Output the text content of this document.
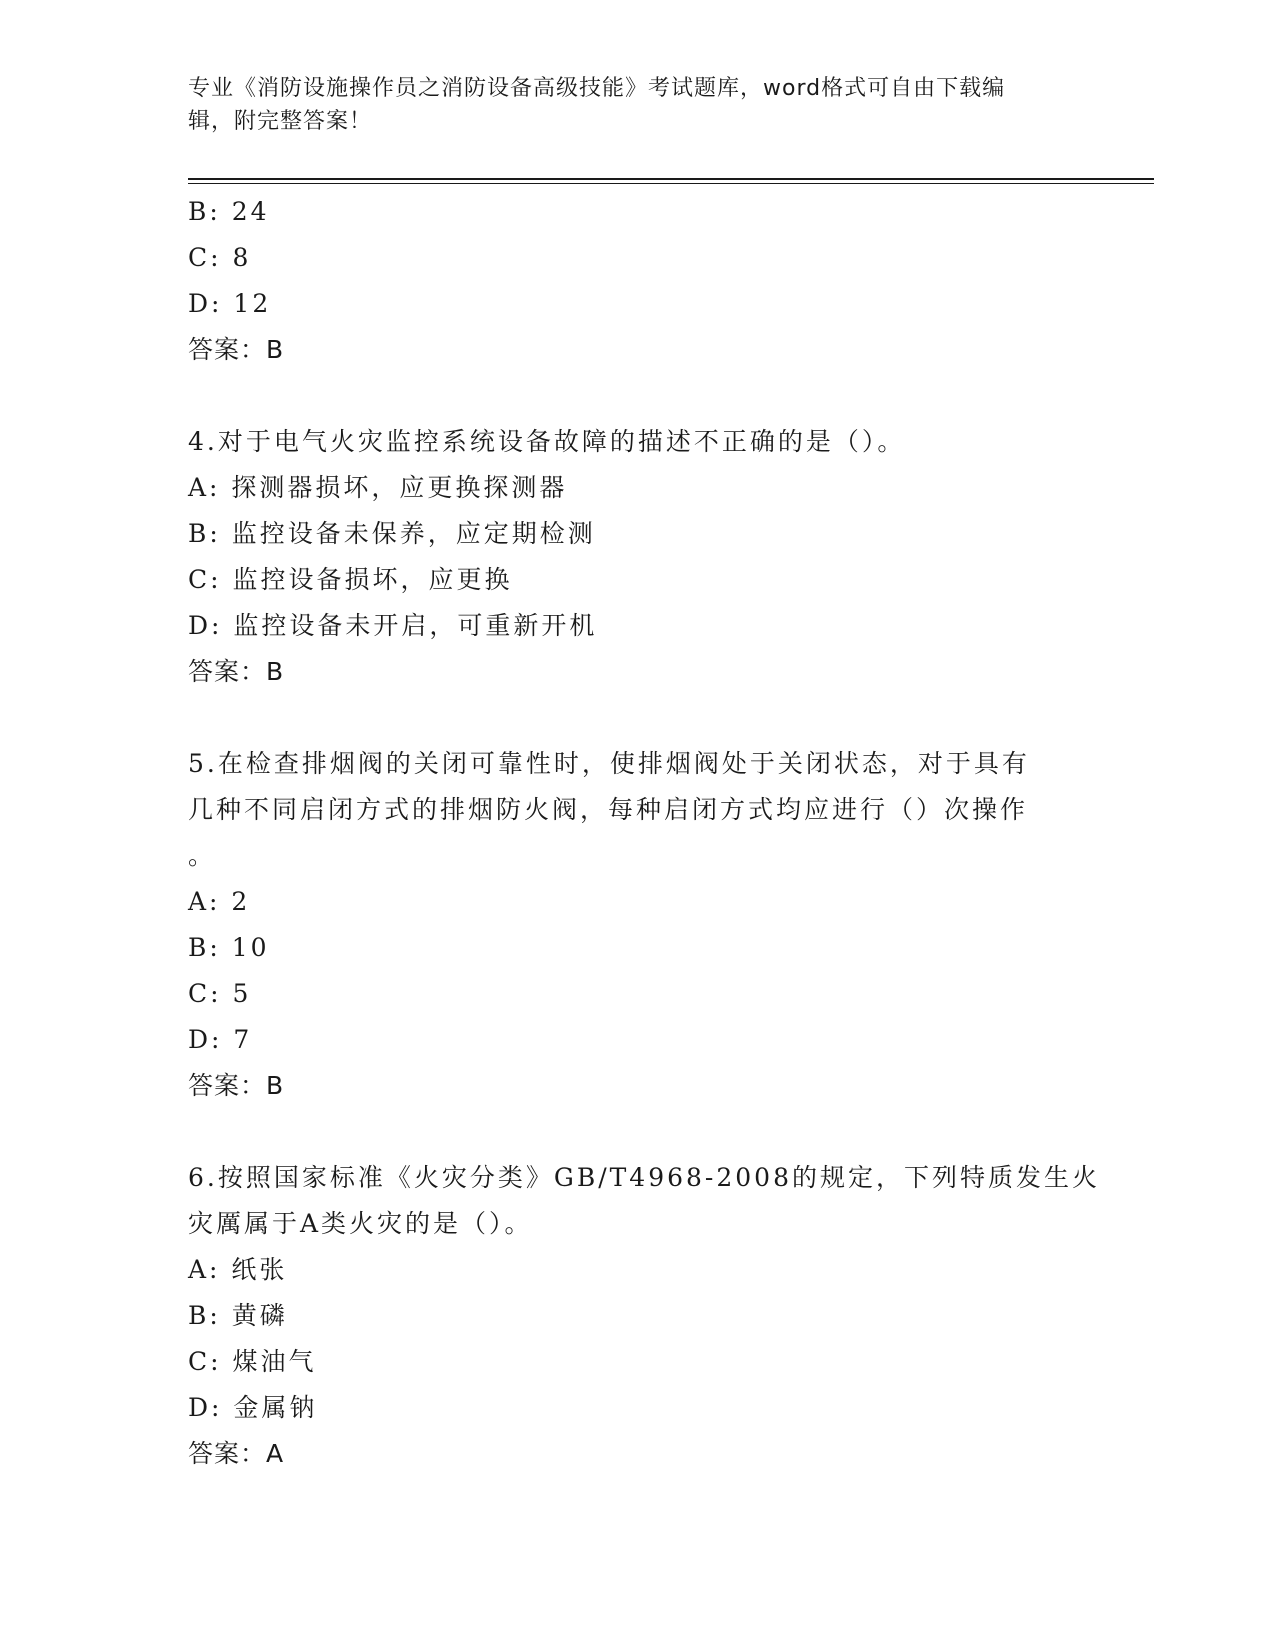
专业《消防设施操作员之消防设备高级技能》考试题库，word格式可自由下载编
辑，附完整答案！
B: 24
C: 8
D: 12
答案：B
4.对于电气火灾监控系统设备故障的描述不正确的是（）。
A: 探测器损坏，应更换探测器
B: 监控设备未保养，应定期检测
C: 监控设备损坏，应更换
D: 监控设备未开启，可重新开机
答案：B
5.在检查排烟阀的关闭可靠性时，使排烟阀处于关闭状态，对于具有
几种不同启闭方式的排烟防火阀，每种启闭方式均应进行（）次操作
。
A: 2
B: 10
C: 5
D: 7
答案：B
6.按照国家标准《火灾分类》GB/T4968-2008的规定，下列特质发生火
灾厲属于A类火灾的是（）。
A: 纸张
B: 黄磷
C: 煤油气
D: 金属钠
答案：A
